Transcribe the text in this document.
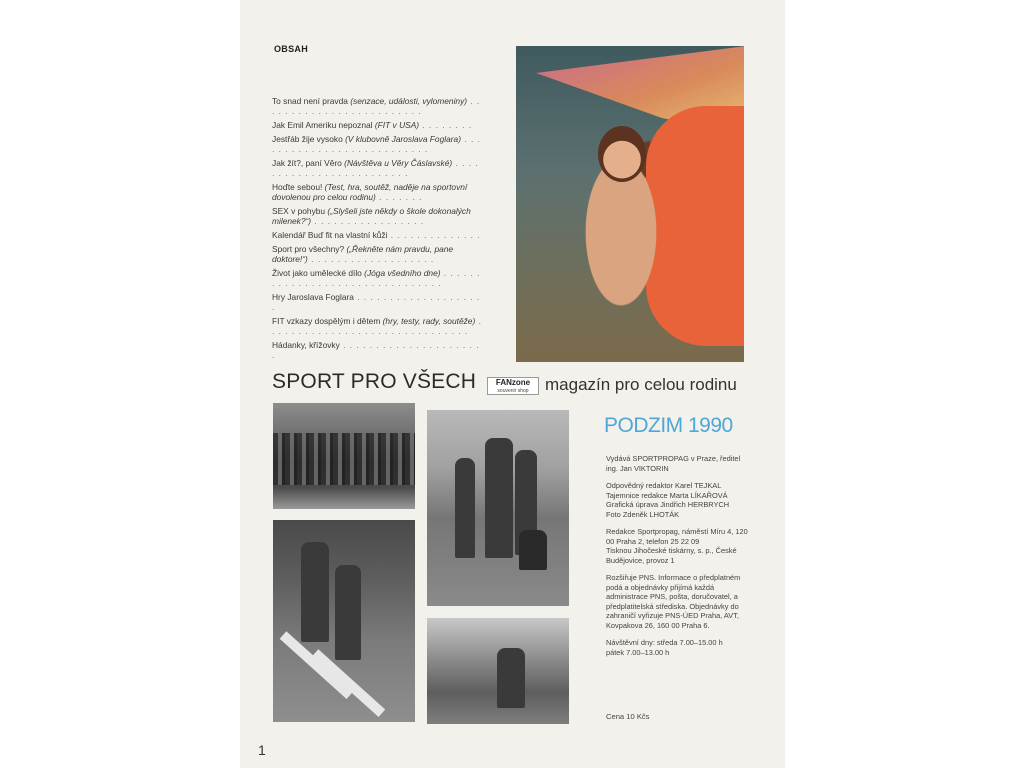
OBSAH
To snad není pravda (senzace, události, vylomeniny) . . . . . . . . . . . . . . . . . . . . . . . . .
Jak Emil Ameriku nepoznal (FIT v USA) . . . . . . . .
Jestřáb žije vysoko (V klubovně Jaroslava Foglara) . . . . . . . . . . . . . . . . . . . . . . . . . . .
Jak žít?, paní Věro (Návštěva u Věry Čáslavské) . . . . . . . . . . . . . . . . . . . . . . . . .
Hoďte sebou! (Test, hra, soutěž, naděje na sportovní dovolenou pro celou rodinu) . . . . . . .
SEX v pohybu („Slyšeli jste někdy o škole dokonalých milenek?“) . . . . . . . . . . . . . . . . .
Kalendář Buď fit na vlastní kůži . . . . . . . . . . . . . .
Sport pro všechny? („Řekněte nám pravdu, pane doktore!“) . . . . . . . . . . . . . . . . . . .
Život jako umělecké dílo (Jóga všedního dne) . . . . . . . . . . . . . . . . . . . . . . . . . . . . . . . .
Hry Jaroslava Foglara . . . . . . . . . . . . . . . . . . . .
FIT vzkazy dospělým i dětem (hry, testy, rady, soutěže) . . . . . . . . . . . . . . . . . . . . . . . . . . . . . . .
Hádanky, křížovky . . . . . . . . . . . . . . . . . . . . . .
SPORT PRO VŠECH	FANzone
souvenir shop magazín pro celou rodinu
PODZIM 1990

Vydává SPORTPROPAG v Praze, ředitel ing. Jan VIKTORIN

Odpovědný redaktor Karel TEJKAL
Tajemnice redakce Marta LÍKAŘOVÁ
Grafická úprava Jindřich HERBRYCH
Foto Zdeněk LHOTÁK

Redakce Sportpropag, náměstí Míru 4, 120 00 Praha 2, telefon 25 22 09
Tisknou Jihočeské tiskárny, s. p., České Budějovice, provoz 1

Rozšiřuje PNS. Informace o předplatném podá a objednávky přijímá každá administrace PNS, pošta, doručovatel, a předplatitelská střediska. Objednávky do zahraničí vyřizuje PNS-ÚED Praha, AVT, Kovpakova 26, 160 00 Praha 6.

Návštěvní dny: středa 7.00–15.00 h
pátek 7.00–13.00 h

Cena 10 Kčs
1
